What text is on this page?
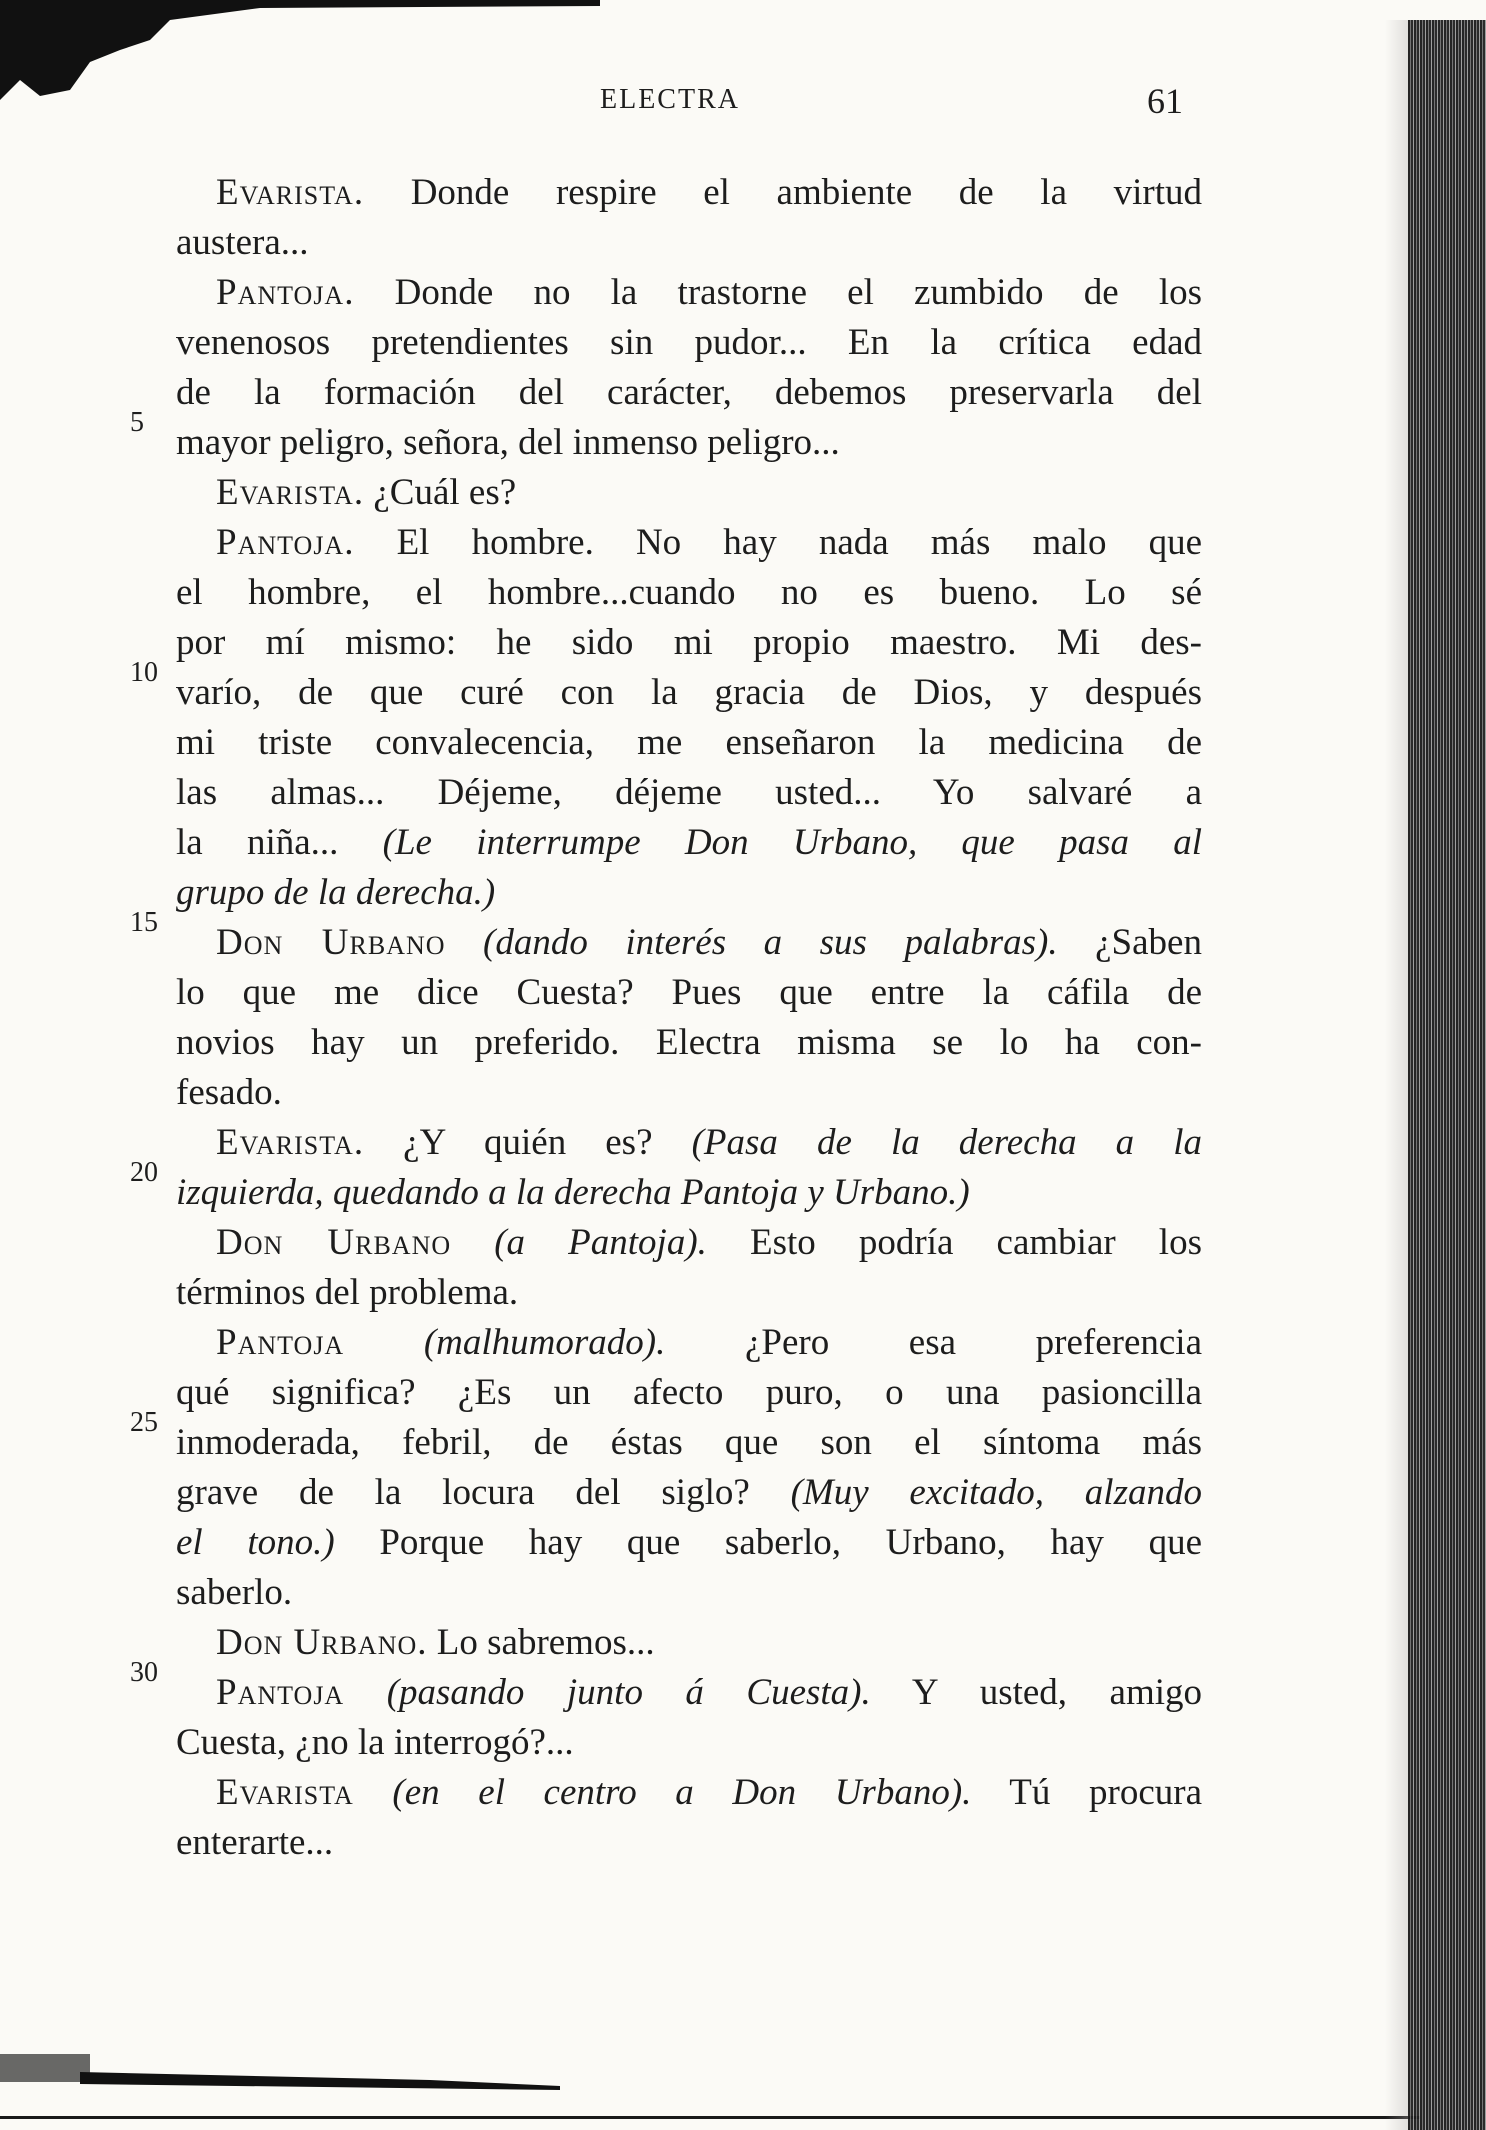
ELECTRA	61
5
10
15
20
25
30
Evarista. Donde respire el ambiente de la virtud
austera...
Pantoja. Donde no la trastorne el zumbido de los
venenosos pretendientes sin pudor... En la crítica edad
de la formación del carácter, debemos preservarla del
mayor peligro, señora, del inmenso peligro...
Evarista. ¿Cuál es?
Pantoja. El hombre. No hay nada más malo que
el hombre, el hombre...cuando no es bueno. Lo sé
por mí mismo: he sido mi propio maestro. Mi des-
varío, de que curé con la gracia de Dios, y después
mi triste convalecencia, me enseñaron la medicina de
las almas... Déjeme, déjeme usted... Yo salvaré a
la niña... (Le interrumpe Don Urbano, que pasa al
grupo de la derecha.)
Don Urbano (dando interés a sus palabras). ¿Saben
lo que me dice Cuesta? Pues que entre la cáfila de
novios hay un preferido. Electra misma se lo ha con-
fesado.
Evarista. ¿Y quién es? (Pasa de la derecha a la
izquierda, quedando a la derecha Pantoja y Urbano.)
Don Urbano (a Pantoja). Esto podría cambiar los
términos del problema.
Pantoja (malhumorado). ¿Pero esa preferencia
qué significa? ¿Es un afecto puro, o una pasioncilla
inmoderada, febril, de éstas que son el síntoma más
grave de la locura del siglo? (Muy excitado, alzando
el tono.) Porque hay que saberlo, Urbano, hay que
saberlo.
Don Urbano. Lo sabremos...
Pantoja (pasando junto á Cuesta). Y usted, amigo
Cuesta, ¿no la interrogó?...
Evarista (en el centro a Don Urbano). Tú procura
enterarte...
